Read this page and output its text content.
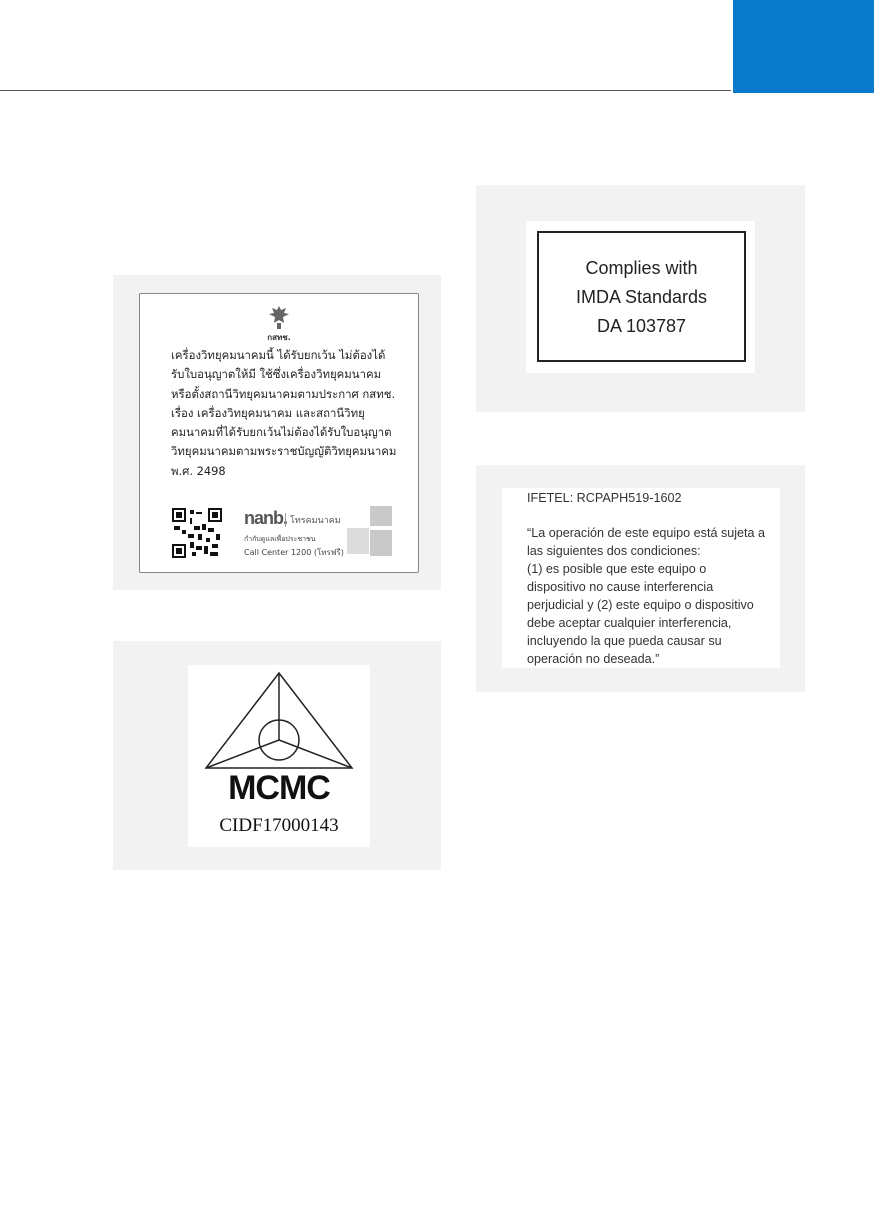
กสทช.
เครื่องวิทยุคมนาคมนี้ ได้รับยกเว้น ไม่ต้องได้
รับใบอนุญาตให้มี ใช้ซึ่งเครื่องวิทยุคมนาคม
หรือตั้งสถานีวิทยุคมนาคมตามประกาศ กสทช.
เรื่อง เครื่องวิทยุคมนาคม และสถานีวิทยุ
คมนาคมที่ได้รับยกเว้นไม่ต้องได้รับใบอนุญาต
วิทยุคมนาคมตามพระราชบัญญัติวิทยุคมนาคม
พ.ศ. 2498
nanb. โทรคมนาคม
กำกับดูแลเพื่อประชาชน
Call Center 1200 (โทรฟรี)
MCMC
CIDF17000143
Complies with
IMDA Standards
DA 103787
IFETEL: RCPAPH519-1602
“La operación de este equipo está sujeta a
las siguientes dos condiciones:
(1) es posible que este equipo o
dispositivo no cause interferencia
perjudicial y (2) este equipo o dispositivo
debe aceptar cualquier interferencia,
incluyendo la que pueda causar su
operación no deseada.”
